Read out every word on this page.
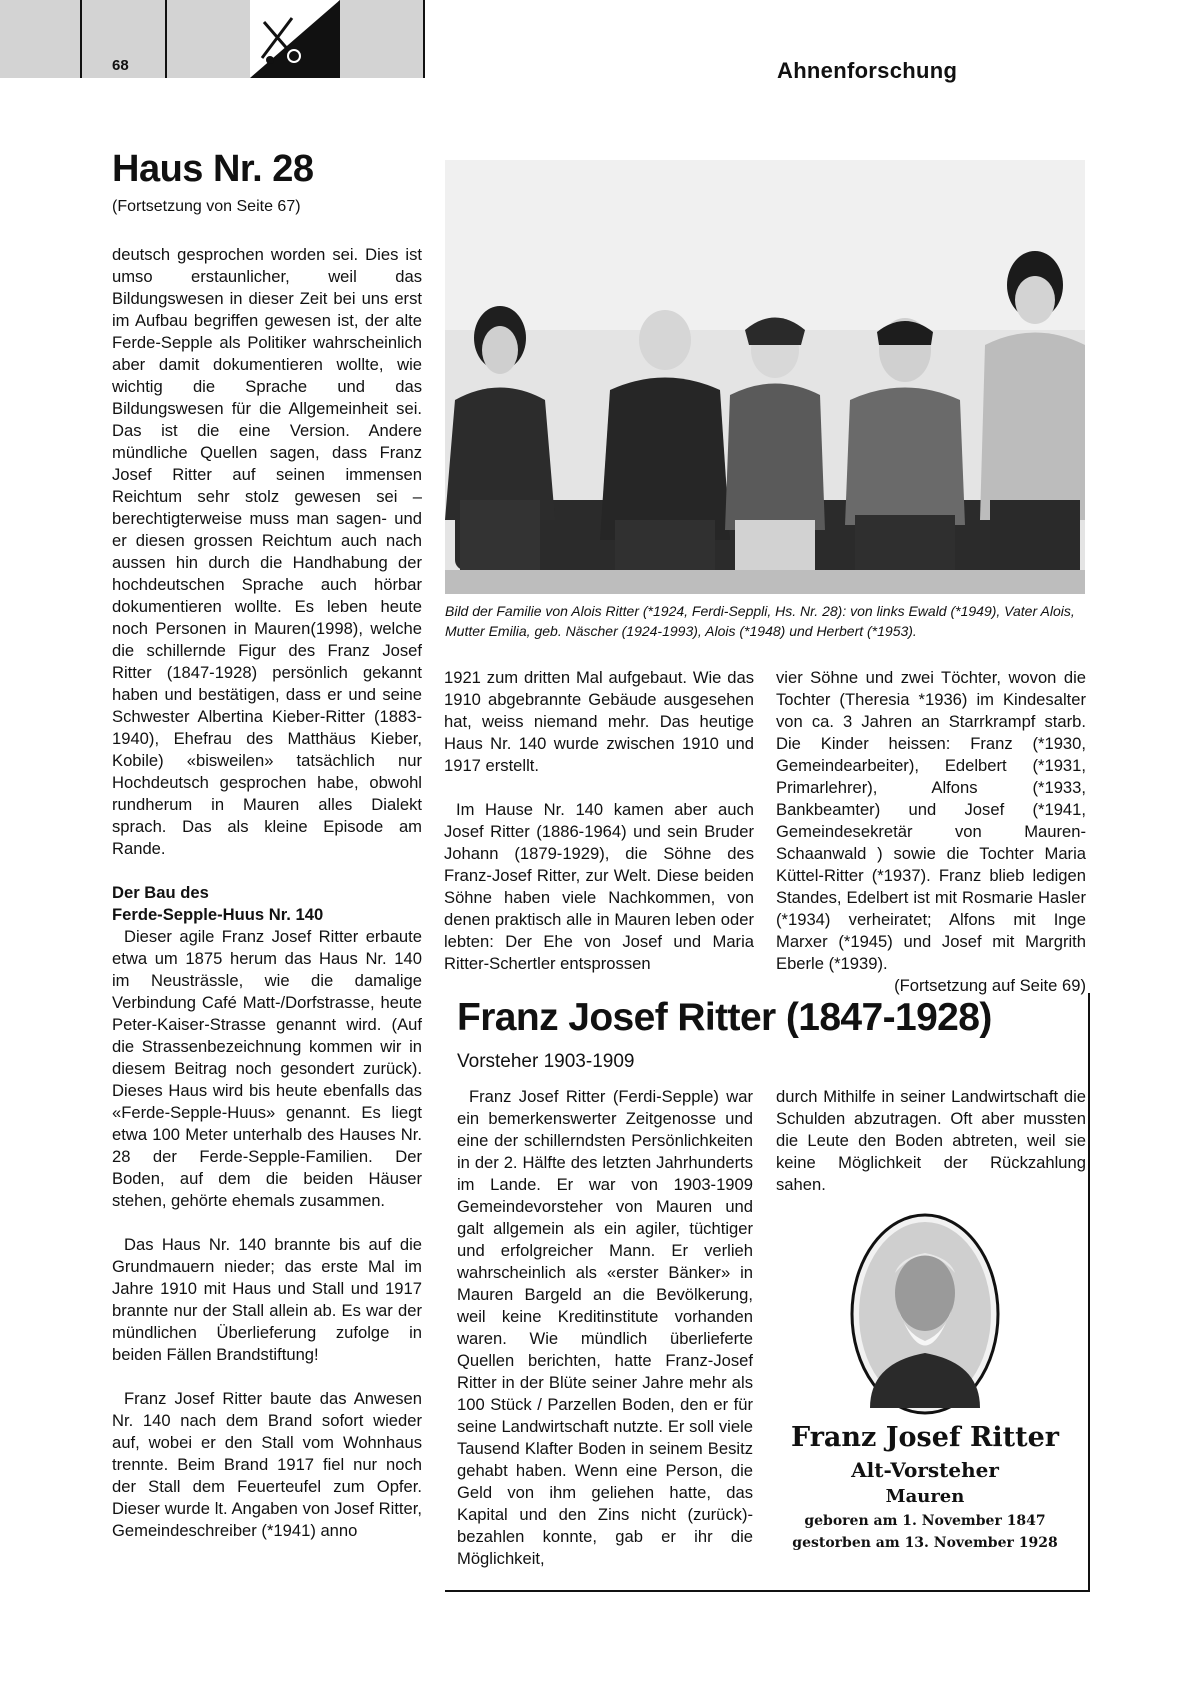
68	Ahnenforschung
Haus Nr. 28
(Fortsetzung von Seite 67)

deutsch gesprochen worden sei. Dies ist umso erstaunlicher, weil das Bildungswesen in dieser Zeit bei uns erst im Aufbau begriffen gewesen ist, der alte Ferde-Sepple als Politiker wahrscheinlich aber damit dokumentieren wollte, wie wichtig die Sprache und das Bildungswesen für die Allgemeinheit sei. Das ist die eine Version. Andere mündliche Quellen sagen, dass Franz Josef Ritter auf seinen immensen Reichtum sehr stolz gewesen sei – berechtigterweise muss man sagen- und er diesen grossen Reichtum auch nach aussen hin durch die Handhabung der hochdeutschen Sprache auch hörbar dokumentieren wollte. Es leben heute noch Personen in Mauren(1998), welche die schillernde Figur des Franz Josef Ritter (1847-1928) persönlich gekannt haben und bestätigen, dass er und seine Schwester Albertina Kieber-Ritter (1883-1940), Ehefrau des Matthäus Kieber, Kobile) «bisweilen» tatsächlich nur Hochdeutsch gesprochen habe, obwohl rundherum in Mauren alles Dialekt sprach. Das als kleine Episode am Rande.

Der Bau des
Ferde-Sepple-Huus Nr. 140

Dieser agile Franz Josef Ritter erbaute etwa um 1875 herum das Haus Nr. 140 im Neusträssle, wie die damalige Verbindung Café Matt-/Dorfstrasse, heute Peter-Kaiser-Strasse genannt wird. (Auf die Strassenbezeichnung kommen wir in diesem Beitrag noch gesondert zurück). Dieses Haus wird bis heute ebenfalls das «Ferde-Sepple-Huus» genannt. Es liegt etwa 100 Meter unterhalb des Hauses Nr. 28 der Ferde-Sepple-Familien. Der Boden, auf dem die beiden Häuser stehen, gehörte ehemals zusammen.

Das Haus Nr. 140 brannte bis auf die Grundmauern nieder; das erste Mal im Jahre 1910 mit Haus und Stall und 1917 brannte nur der Stall allein ab. Es war der mündlichen Überlieferung zufolge in beiden Fällen Brandstiftung!

Franz Josef Ritter baute das Anwesen Nr. 140 nach dem Brand sofort wieder auf, wobei er den Stall vom Wohnhaus trennte. Beim Brand 1917 fiel nur noch der Stall dem Feuerteufel zum Opfer. Dieser wurde lt. Angaben von Josef Ritter, Gemeindeschreiber (*1941) anno

Bild der Familie von Alois Ritter (*1924, Ferdi-Seppli, Hs. Nr. 28): von links Ewald (*1949), Vater Alois, Mutter Emilia, geb. Näscher (1924-1993), Alois (*1948) und Herbert (*1953).

1921 zum dritten Mal aufgebaut. Wie das 1910 abgebrannte Gebäude ausgesehen hat, weiss niemand mehr. Das heutige Haus Nr. 140 wurde zwischen 1910 und 1917 erstellt.

Im Hause Nr. 140 kamen aber auch Josef Ritter (1886-1964) und sein Bruder Johann (1879-1929), die Söhne des Franz-Josef Ritter, zur Welt. Diese beiden Söhne haben viele Nachkommen, von denen praktisch alle in Mauren leben oder lebten: Der Ehe von Josef und Maria Ritter-Schertler entsprossen

vier Söhne und zwei Töchter, wovon die Tochter (Theresia *1936) im Kindesalter von ca. 3 Jahren an Starrkrampf starb. Die Kinder heissen: Franz (*1930, Gemeindearbeiter), Edelbert (*1931, Primarlehrer), Alfons (*1933, Bankbeamter) und Josef (*1941, Gemeindesekretär von Mauren-Schaanwald ) sowie die Tochter Maria Küttel-Ritter (*1937). Franz blieb ledigen Standes, Edelbert ist mit Rosmarie Hasler (*1934) verheiratet; Alfons mit Inge Marxer (*1945) und Josef mit Margrith Eberle (*1939).

(Fortsetzung auf Seite 69)
Franz Josef Ritter (1847-1928)
Vorsteher 1903-1909
Franz Josef Ritter (Ferdi-Sepple) war ein bemerkenswerter Zeitgenosse und eine der schillerndsten Persönlichkeiten in der 2. Hälfte des letzten Jahrhunderts im Lande. Er war von 1903-1909 Gemeindevorsteher von Mauren und galt allgemein als ein agiler, tüchtiger und erfolgreicher Mann. Er verlieh wahrscheinlich als «erster Bänker» in Mauren Bargeld an die Bevölkerung, weil keine Kreditinstitute vorhanden waren. Wie mündlich überlieferte Quellen berichten, hatte Franz-Josef Ritter in der Blüte seiner Jahre mehr als 100 Stück / Parzellen Boden, den er für seine Landwirtschaft nutzte. Er soll viele Tausend Klafter Boden in seinem Besitz gehabt haben. Wenn eine Person, die Geld von ihm geliehen hatte, das Kapital und den Zins nicht (zurück)- bezahlen konnte, gab er ihr die Möglichkeit,
durch Mithilfe in seiner Landwirtschaft die Schulden abzutragen. Oft aber mussten die Leute den Boden abtreten, weil sie keine Möglichkeit der Rückzahlung sahen.
Franz Josef Ritter
Alt-Vorsteher
Mauren
geboren am 1. November 1847
gestorben am 13. November 1928
